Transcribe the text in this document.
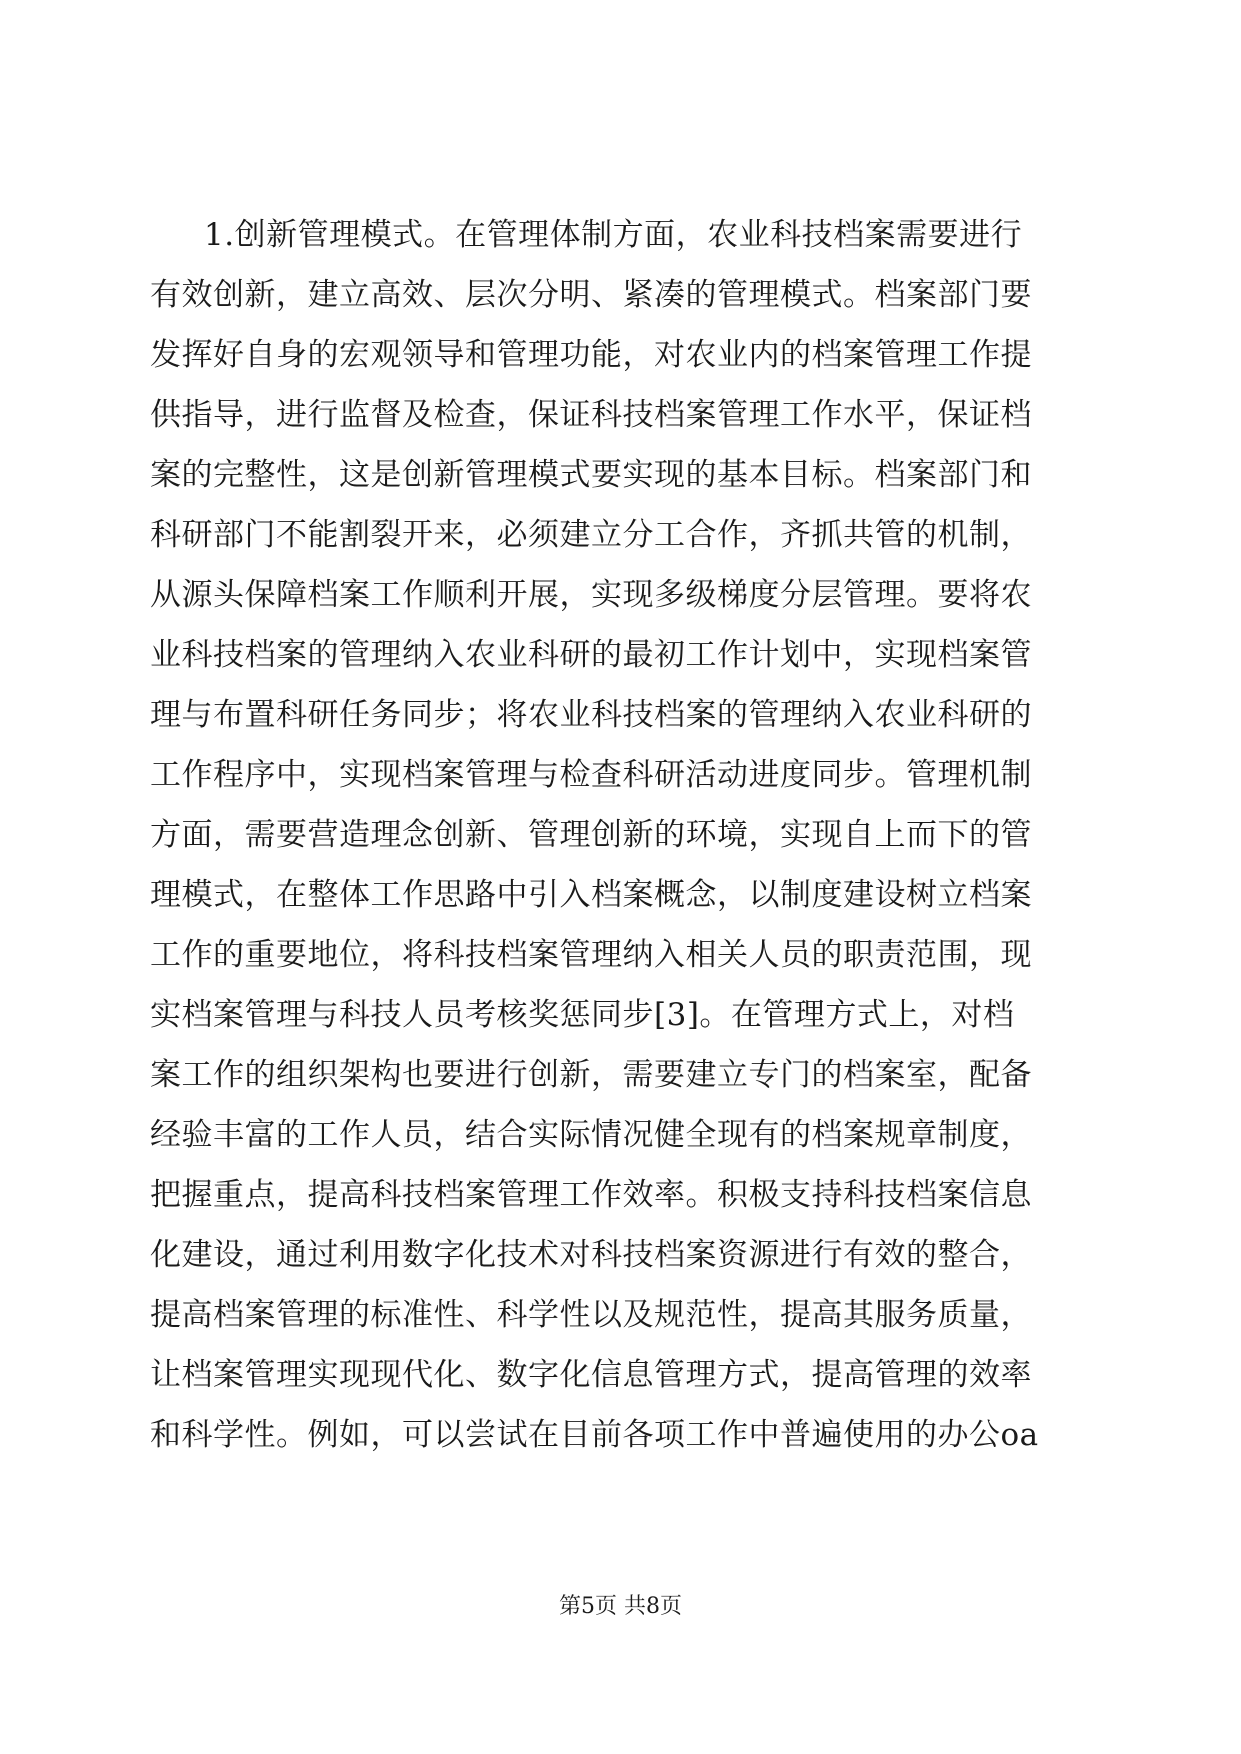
1.创新管理模式。在管理体制方面，农业科技档案需要进行
有效创新，建立高效、层次分明、紧凑的管理模式。档案部门要
发挥好自身的宏观领导和管理功能，对农业内的档案管理工作提
供指导，进行监督及检查，保证科技档案管理工作水平，保证档
案的完整性，这是创新管理模式要实现的基本目标。档案部门和
科研部门不能割裂开来，必须建立分工合作，齐抓共管的机制，
从源头保障档案工作顺利开展，实现多级梯度分层管理。要将农
业科技档案的管理纳入农业科研的最初工作计划中，实现档案管
理与布置科研任务同步；将农业科技档案的管理纳入农业科研的
工作程序中，实现档案管理与检查科研活动进度同步。管理机制
方面，需要营造理念创新、管理创新的环境，实现自上而下的管
理模式，在整体工作思路中引入档案概念，以制度建设树立档案
工作的重要地位，将科技档案管理纳入相关人员的职责范围，现
实档案管理与科技人员考核奖惩同步[3]。在管理方式上，对档
案工作的组织架构也要进行创新，需要建立专门的档案室，配备
经验丰富的工作人员，结合实际情况健全现有的档案规章制度，
把握重点，提高科技档案管理工作效率。积极支持科技档案信息
化建设，通过利用数字化技术对科技档案资源进行有效的整合，
提高档案管理的标准性、科学性以及规范性，提高其服务质量，
让档案管理实现现代化、数字化信息管理方式，提高管理的效率
和科学性。例如，可以尝试在目前各项工作中普遍使用的办公oa
第5页 共8页
